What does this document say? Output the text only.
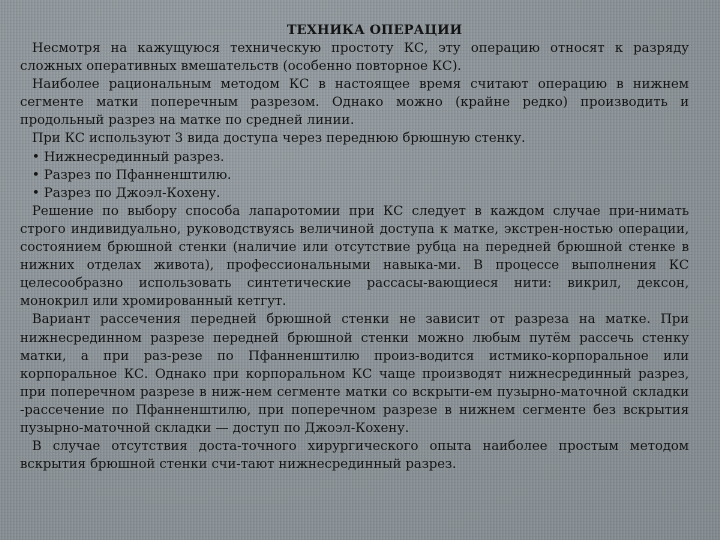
ТЕХНИКА ОПЕРАЦИИ

Несмотря на кажущуюся техническую простоту КС, эту операцию относят к разряду сложных оперативных вмешательств (особенно повторное КС).

Наиболее рациональным методом КС в настоящее время считают операцию в нижнем сегменте матки поперечным разрезом. Однако можно (крайне редко) производить и продольный разрез на матке по средней линии.

При КС используют 3 вида доступа через переднюю брюшную стенку.

• Нижнесрединный разрез.

• Разрез по Пфанненштилю.

• Разрез по Джоэл-Кохену.

Решение по выбору способа лапаротомии при КС следует в каждом случае при-нимать строго индивидуально, руководствуясь величиной доступа к матке, экстрен-ностью операции, состоянием брюшной стенки (наличие или отсутствие рубца на передней брюшной стенке в нижних отделах живота), профессиональными навыка-ми. В процессе выполнения КС целесообразно использовать синтетические рассасы-вающиеся нити: викрил, дексон, монокрил или хромированный кетгут.

Вариант рассечения передней брюшной стенки не зависит от разреза на матке. При нижнесрединном разрезе передней брюшной стенки можно любым путём рассечь стенку матки, а при раз-резе по Пфанненштилю произ-водится истмико-корпоральное или корпоральное КС. Однако при корпоральном КС чаще производят нижнесрединный разрез, при поперечном разрезе в ниж-нем сегменте матки со вскрыти-ем пузырно-маточной складки -рассечение по Пфанненштилю, при поперечном разрезе в нижнем сегменте без вскрытия пузырно-маточной складки — доступ по Джоэл-Кохену.

В случае отсутствия доста-точного хирургического опыта наиболее простым методом вскрытия брюшной стенки счи-тают нижнесрединный разрез.
